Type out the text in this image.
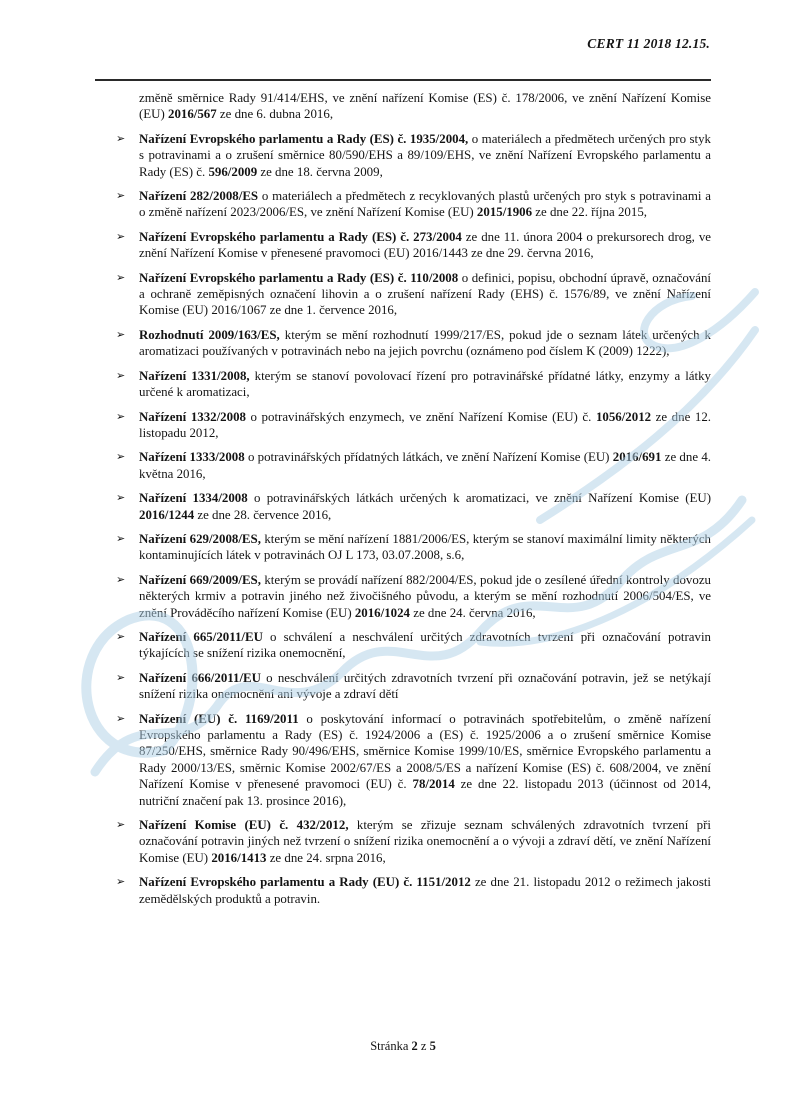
CERT 11 2018 12.15.
změně směrnice Rady 91/414/EHS, ve znění nařízení Komise (ES) č. 178/2006, ve znění Nařízení Komise (EU) 2016/567 ze dne 6. dubna 2016,
➢ Nařízení Evropského parlamentu a Rady (ES) č. 1935/2004, o materiálech a předmětech určených pro styk s potravinami a o zrušení směrnice 80/590/EHS a 89/109/EHS, ve znění Nařízení Evropského parlamentu a Rady (ES) č. 596/2009 ze dne 18. června 2009,
➢ Nařízení 282/2008/ES o materiálech a předmětech z recyklovaných plastů určených pro styk s potravinami a o změně nařízení 2023/2006/ES, ve znění Nařízení Komise (EU) 2015/1906 ze dne 22. října 2015,
➢ Nařízení Evropského parlamentu a Rady (ES) č. 273/2004 ze dne 11. února 2004 o prekursorech drog, ve znění Nařízení Komise v přenesené pravomoci (EU) 2016/1443 ze dne 29. června 2016,
➢ Nařízení Evropského parlamentu a Rady (ES) č. 110/2008 o definici, popisu, obchodní úpravě, označování a ochraně zeměpisných označení lihovin a o zrušení nařízení Rady (EHS) č. 1576/89, ve znění Nařízení Komise (EU) 2016/1067 ze dne 1. července 2016,
➢ Rozhodnutí 2009/163/ES, kterým se mění rozhodnutí 1999/217/ES, pokud jde o seznam látek určených k aromatizaci používaných v potravinách nebo na jejich povrchu (oznámeno pod číslem K (2009) 1222),
➢ Nařízení 1331/2008, kterým se stanoví povolovací řízení pro potravinářské přídatné látky, enzymy a látky určené k aromatizaci,
➢ Nařízení 1332/2008 o potravinářských enzymech, ve znění Nařízení Komise (EU) č. 1056/2012 ze dne 12. listopadu 2012,
➢ Nařízení 1333/2008 o potravinářských přídatných látkách, ve znění Nařízení Komise (EU) 2016/691 ze dne 4. května 2016,
➢ Nařízení 1334/2008 o potravinářských látkách určených k aromatizaci, ve znění Nařízení Komise (EU) 2016/1244 ze dne 28. července 2016,
➢ Nařízení 629/2008/ES, kterým se mění nařízení 1881/2006/ES, kterým se stanoví maximální limity některých kontaminujících látek v potravinách OJ L 173, 03.07.2008, s.6,
➢ Nařízení 669/2009/ES, kterým se provádí nařízení 882/2004/ES, pokud jde o zesílené úřední kontroly dovozu některých krmiv a potravin jiného než živočišného původu, a kterým se mění rozhodnutí 2006/504/ES, ve znění Prováděcího nařízení Komise (EU) 2016/1024 ze dne 24. června 2016,
➢ Nařízení 665/2011/EU o schválení a neschválení určitých zdravotních tvrzení při označování potravin týkajících se snížení rizika onemocnění,
➢ Nařízení 666/2011/EU o neschválení určitých zdravotních tvrzení při označování potravin, jež se netýkají snížení rizika onemocnění ani vývoje a zdraví dětí
➢ Nařízení (EU) č. 1169/2011 o poskytování informací o potravinách spotřebitelům, o změně nařízení Evropského parlamentu a Rady (ES) č. 1924/2006 a (ES) č. 1925/2006 a o zrušení směrnice Komise 87/250/EHS, směrnice Rady 90/496/EHS, směrnice Komise 1999/10/ES, směrnice Evropského parlamentu a Rady 2000/13/ES, směrnic Komise 2002/67/ES a 2008/5/ES a nařízení Komise (ES) č. 608/2004, ve znění Nařízení Komise v přenesené pravomoci (EU) č. 78/2014 ze dne 22. listopadu 2013 (účinnost od 2014, nutriční značení pak 13. prosince 2016),
➢ Nařízení Komise (EU) č. 432/2012, kterým se zřizuje seznam schválených zdravotních tvrzení při označování potravin jiných než tvrzení o snížení rizika onemocnění a o vývoji a zdraví dětí, ve znění Nařízení Komise (EU) 2016/1413 ze dne 24. srpna 2016,
➢ Nařízení Evropského parlamentu a Rady (EU) č. 1151/2012 ze dne 21. listopadu 2012 o režimech jakosti zemědělských produktů a potravin.
Stránka 2 z 5
